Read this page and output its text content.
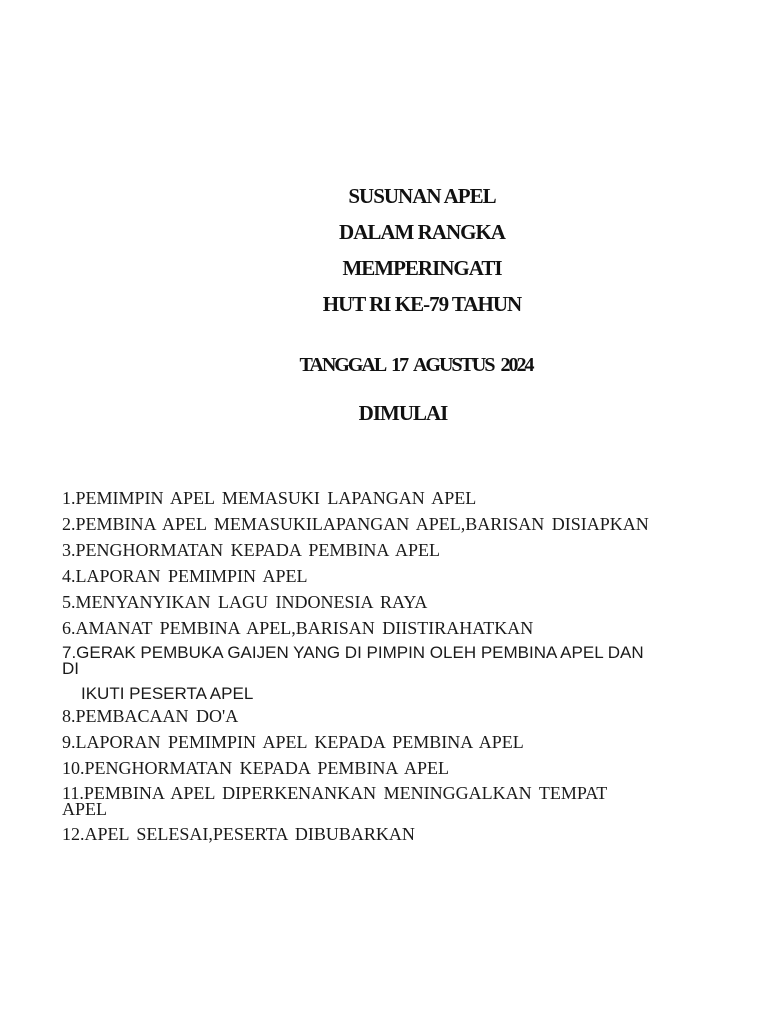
SUSUNAN APEL
DALAM RANGKA
MEMPERINGATI
HUT RI KE-79 TAHUN
TANGGAL 17 AGUSTUS 2024
DIMULAI
1.PEMIMPIN APEL MEMASUKI LAPANGAN APEL
2.PEMBINA APEL MEMASUKILAPANGAN APEL,BARISAN DISIAPKAN
3.PENGHORMATAN KEPADA PEMBINA APEL
4.LAPORAN PEMIMPIN APEL
5.MENYANYIKAN LAGU INDONESIA RAYA
6.AMANAT PEMBINA APEL,BARISAN DIISTIRAHATKAN
7.GERAK PEMBUKA GAIJEN YANG DI PIMPIN OLEH PEMBINA APEL DAN DI
IKUTI PESERTA APEL
8.PEMBACAAN DO'A
9.LAPORAN PEMIMPIN APEL KEPADA PEMBINA APEL
10.PENGHORMATAN KEPADA PEMBINA APEL
11.PEMBINA APEL DIPERKENANKAN MENINGGALKAN TEMPAT APEL
12.APEL SELESAI,PESERTA DIBUBARKAN
